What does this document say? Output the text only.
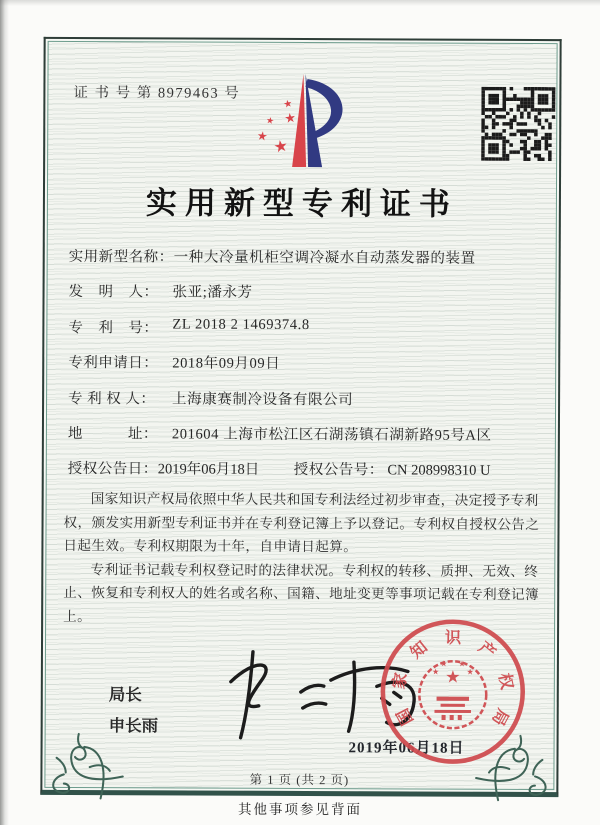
证 书 号 第 8979463 号
★
★ ★
★
★
实用新型专利证书
实用新型名称： 一种大冷量机柜空调冷凝水自动蒸发器的装置
发　明　人： 张亚;潘永芳
专　利　号： ZL 2018 2 1469374.8
专利申请日： 2018年09月09日
专 利 权 人：	上海康赛制冷设备有限公司
地　　　址： 201604 上海市松江区石湖荡镇石湖新路95号A区
授权公告日： 2019年06月18日 授权公告号： CN 208998310 U

国家知识产权局依照中华人民共和国专利法经过初步审查，决定授予专利权，颁发实用新型专利证书并在专利登记簿上予以登记。专利权自授权公告之日起生效。专利权期限为十年，自申请日起算。

专利证书记载专利权登记时的法律状况。专利权的转移、质押、无效、终止、恢复和专利权人的姓名或名称、国籍、地址变更等事项记载在专利登记簿上。

局长
申长雨
2019年06月18日
★
★
★ ★
★
国
家
知 识
产
权
局
第 1 页 (共 2 页)
其他事项参见背面
